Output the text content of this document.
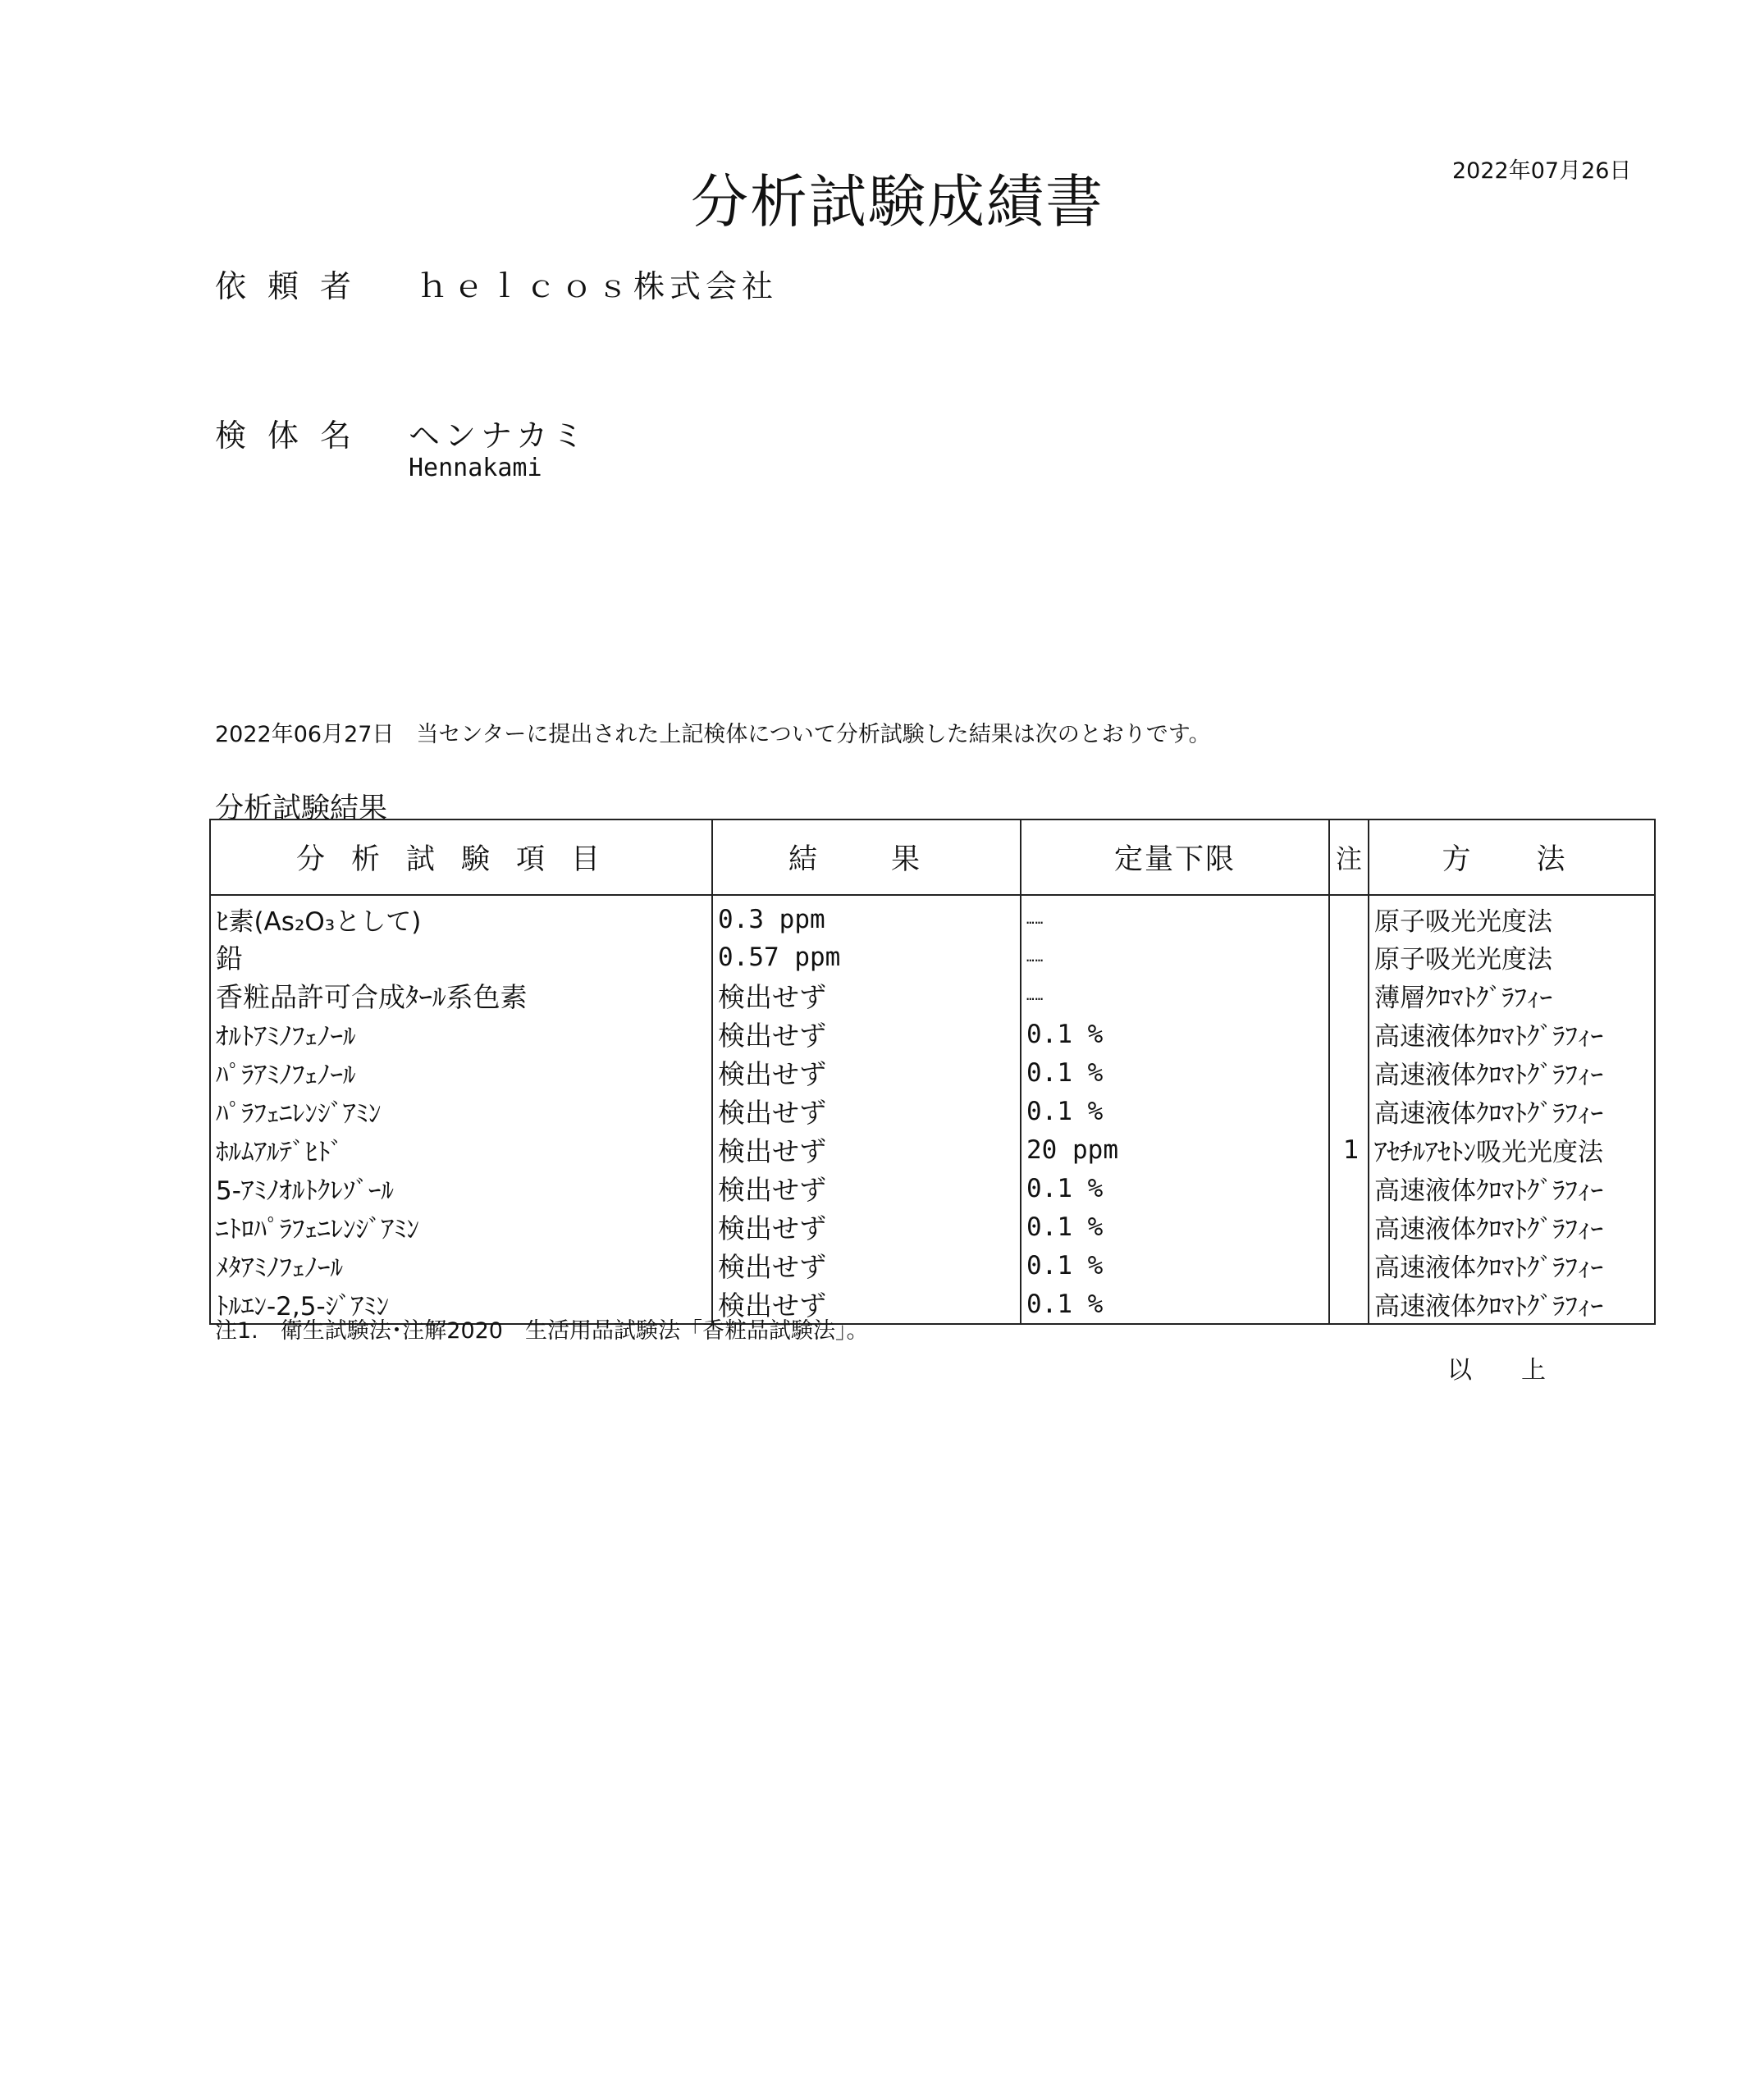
2022年07月26日
分析試験成績書
依頼者 ｈｅｌｃｏｓ株式会社
検体名 ヘンナカミ
Hennakami
2022年06月27日　当センターに提出された上記検体について分析試験した結果は次のとおりです。
分析試験結果
分析試験項目	結果	定量下限	注	方法
ﾋ素(As₂O₃として)	0.3 ppm	……		原子吸光光度法
鉛	0.57 ppm	……		原子吸光光度法
香粧品許可合成ﾀｰﾙ系色素	検出せず	……		薄層ｸﾛﾏﾄｸﾞﾗﾌｨｰ
ｵﾙﾄｱﾐﾉﾌｪﾉｰﾙ	検出せず	0.1 %		高速液体ｸﾛﾏﾄｸﾞﾗﾌｨｰ
ﾊﾟﾗｱﾐﾉﾌｪﾉｰﾙ	検出せず	0.1 %		高速液体ｸﾛﾏﾄｸﾞﾗﾌｨｰ
ﾊﾟﾗﾌｪﾆﾚﾝｼﾞｱﾐﾝ	検出せず	0.1 %		高速液体ｸﾛﾏﾄｸﾞﾗﾌｨｰ
ﾎﾙﾑｱﾙﾃﾞﾋﾄﾞ	検出せず	20 ppm	1	ｱｾﾁﾙｱｾﾄﾝ吸光光度法
5-ｱﾐﾉｵﾙﾄｸﾚｿﾞｰﾙ	検出せず	0.1 %		高速液体ｸﾛﾏﾄｸﾞﾗﾌｨｰ
ﾆﾄﾛﾊﾟﾗﾌｪﾆﾚﾝｼﾞｱﾐﾝ	検出せず	0.1 %		高速液体ｸﾛﾏﾄｸﾞﾗﾌｨｰ
ﾒﾀｱﾐﾉﾌｪﾉｰﾙ	検出せず	0.1 %		高速液体ｸﾛﾏﾄｸﾞﾗﾌｨｰ
ﾄﾙｴﾝ-2,5-ｼﾞｱﾐﾝ	検出せず	0.1 %		高速液体ｸﾛﾏﾄｸﾞﾗﾌｨｰ
注1.　衛生試験法･注解2020　生活用品試験法「香粧品試験法」。
以上
